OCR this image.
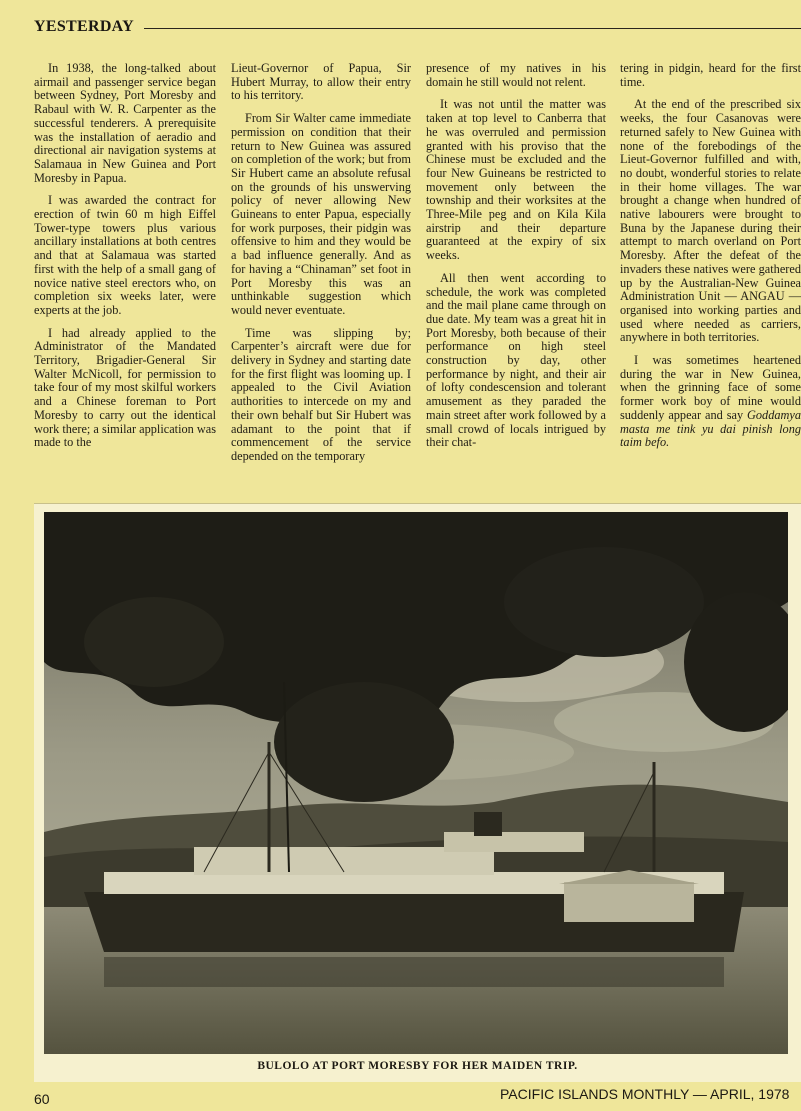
YESTERDAY

In 1938, the long-talked about airmail and passenger service began between Sydney, Port Moresby and Rabaul with W. R. Carpenter as the successful tenderers. A prerequisite was the installation of aeradio and directional air navigation systems at Salamaua in New Guinea and Port Moresby in Papua.

I was awarded the contract for erection of twin 60 m high Eiffel Tower-type towers plus various ancillary installations at both centres and that at Salamaua was started first with the help of a small gang of novice native steel erectors who, on completion six weeks later, were experts at the job.

I had already applied to the Administrator of the Mandated Territory, Brigadier-General Sir Walter McNicoll, for permission to take four of my most skilful workers and a Chinese foreman to Port Moresby to carry out the identical work there; a similar application was made to the

Lieut-Governor of Papua, Sir Hubert Murray, to allow their entry to his territory.

From Sir Walter came immediate permission on condition that their return to New Guinea was assured on completion of the work; but from Sir Hubert came an absolute refusal on the grounds of his unswerving policy of never allowing New Guineans to enter Papua, especially for work purposes, their pidgin was offensive to him and they would be a bad influence generally. And as for having a “Chinaman” set foot in Port Moresby this was an unthinkable suggestion which would never eventuate.

Time was slipping by; Carpenter’s aircraft were due for delivery in Sydney and starting date for the first flight was looming up. I appealed to the Civil Aviation authorities to intercede on my and their own behalf but Sir Hubert was adamant to the point that if commencement of the service depended on the temporary

presence of my natives in his domain he still would not relent.

It was not until the matter was taken at top level to Canberra that he was overruled and permission granted with his proviso that the Chinese must be excluded and the four New Guineans be restricted to movement only between the township and their worksites at the Three-Mile peg and on Kila Kila airstrip and their departure guaranteed at the expiry of six weeks.

All then went according to schedule, the work was completed and the mail plane came through on due date. My team was a great hit in Port Moresby, both because of their performance on high steel construction by day, other performance by night, and their air of lofty condescension and tolerant amusement as they paraded the main street after work followed by a small crowd of locals intrigued by their chat-

tering in pidgin, heard for the first time.

At the end of the prescribed six weeks, the four Casanovas were returned safely to New Guinea with none of the forebodings of the Lieut-Governor fulfilled and with, no doubt, wonderful stories to relate in their home villages. The war brought a change when hundred of native labourers were brought to Buna by the Japanese during their attempt to march overland on Port Moresby. After the defeat of the invaders these natives were gathered up by the Australian-New Guinea Administration Unit — ANGAU — organised into working parties and used where needed as carriers, anywhere in both territories.

I was sometimes heartened during the war in New Guinea, when the grinning face of some former work boy of mine would suddenly appear and say Goddamya masta me tink yu dai pinish long taim befo.

BULOLO AT PORT MORESBY FOR HER MAIDEN TRIP.
60	PACIFIC ISLANDS MONTHLY — APRIL, 1978
